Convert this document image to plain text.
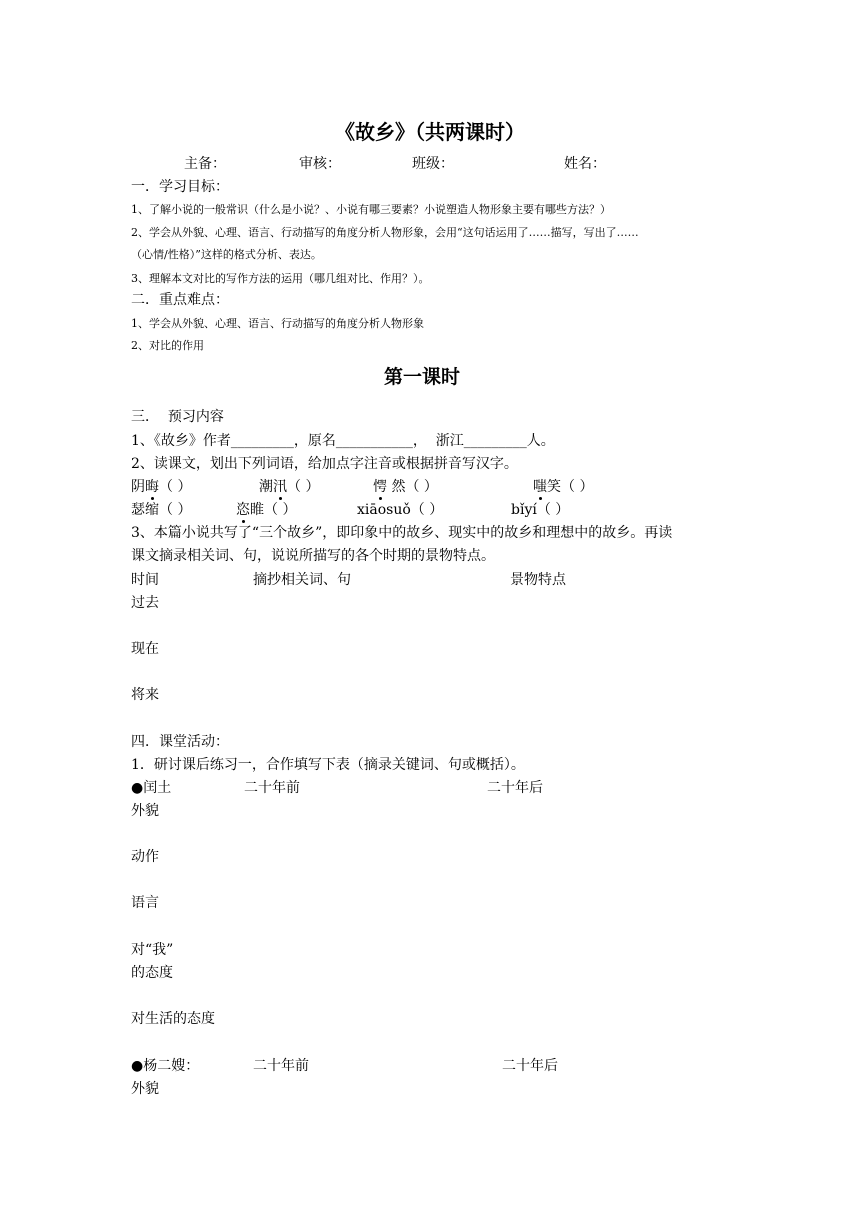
《故乡》（共两课时）
主备：	审核：	班级：	姓名：
一．学习目标：
1、了解小说的一般常识（什么是小说？、小说有哪三要素？小说塑造人物形象主要有哪些方法？）
2、学会从外貌、心理、语言、行动描写的角度分析人物形象，会用“这句话运用了……描写，写出了……
（心情/性格）”这样的格式分析、表达。
3、理解本文对比的写作方法的运用（哪几组对比、作用？）。
二．重点难点：
1、学会从外貌、心理、语言、行动描写的角度分析人物形象
2、对比的作用
第一课时
三．  预习内容
1、《故乡》作者_________，原名___________，  浙江_________人。
2、读课文，划出下列词语，给加点字注音或根据拼音写汉字。
阴晦（ ）	潮汛（ ）	愕 然（ ）	嗤笑（ ）
瑟缩（ ）	恣睢（ ）	xiāosuǒ（ ）	bǐyí（ ）
3、本篇小说共写了“三个故乡”，即印象中的故乡、现实中的故乡和理想中的故乡。再读
课文摘录相关词、句，说说所描写的各个时期的景物特点。
时间	摘抄相关词、句	景物特点
过去
现在
将来
四．课堂活动：
1．研讨课后练习一，合作填写下表（摘录关键词、句或概括）。
●闰土	二十年前	二十年后
外貌
动作
语言
对“我”
的态度
对生活的态度
●杨二嫂：	二十年前	二十年后
外貌
